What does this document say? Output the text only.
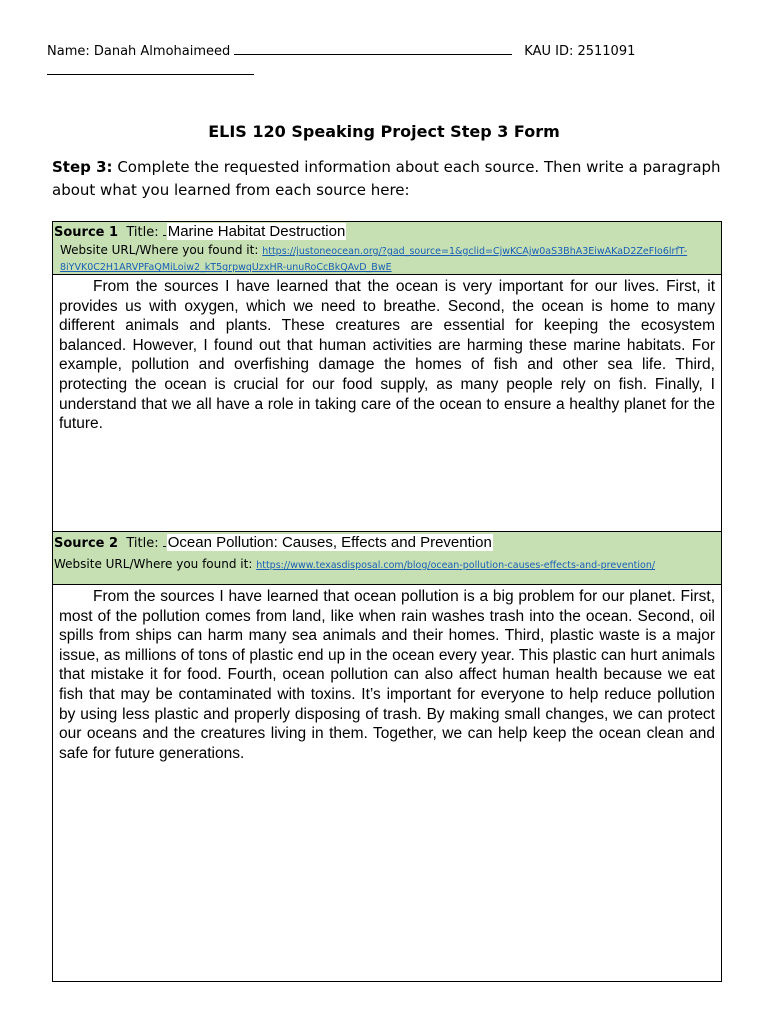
Name: Danah Almohaimeed	KAU ID: 2511091
ELIS 120 Speaking Project Step 3 Form
Step 3: Complete the requested information about each source. Then write a paragraph about what you learned from each source here:
Source 1 Title: Marine Habitat Destruction
Website URL/Where you found it: https://justoneocean.org/?gad_source=1&gclid=CjwKCAjw0aS3BhA3EiwAKaD2ZeFIo6lrfT-8iYVK0C2H1ARVPFaQMiLoiw2_kT5grpwqUzxHR-unuRoCcBkQAvD_BwE
From the sources I have learned that the ocean is very important for our lives. First, it provides us with oxygen, which we need to breathe. Second, the ocean is home to many different animals and plants. These creatures are essential for keeping the ecosystem balanced. However, I found out that human activities are harming these marine habitats. For example, pollution and overfishing damage the homes of fish and other sea life. Third, protecting the ocean is crucial for our food supply, as many people rely on fish. Finally, I understand that we all have a role in taking care of the ocean to ensure a healthy planet for the future.
Source 2 Title: Ocean Pollution: Causes, Effects and Prevention
Website URL/Where you found it: https://www.texasdisposal.com/blog/ocean-pollution-causes-effects-and-prevention/
From the sources I have learned that ocean pollution is a big problem for our planet. First, most of the pollution comes from land, like when rain washes trash into the ocean. Second, oil spills from ships can harm many sea animals and their homes. Third, plastic waste is a major issue, as millions of tons of plastic end up in the ocean every year. This plastic can hurt animals that mistake it for food. Fourth, ocean pollution can also affect human health because we eat fish that may be contaminated with toxins. It’s important for everyone to help reduce pollution by using less plastic and properly disposing of trash. By making small changes, we can protect our oceans and the creatures living in them. Together, we can help keep the ocean clean and safe for future generations.
